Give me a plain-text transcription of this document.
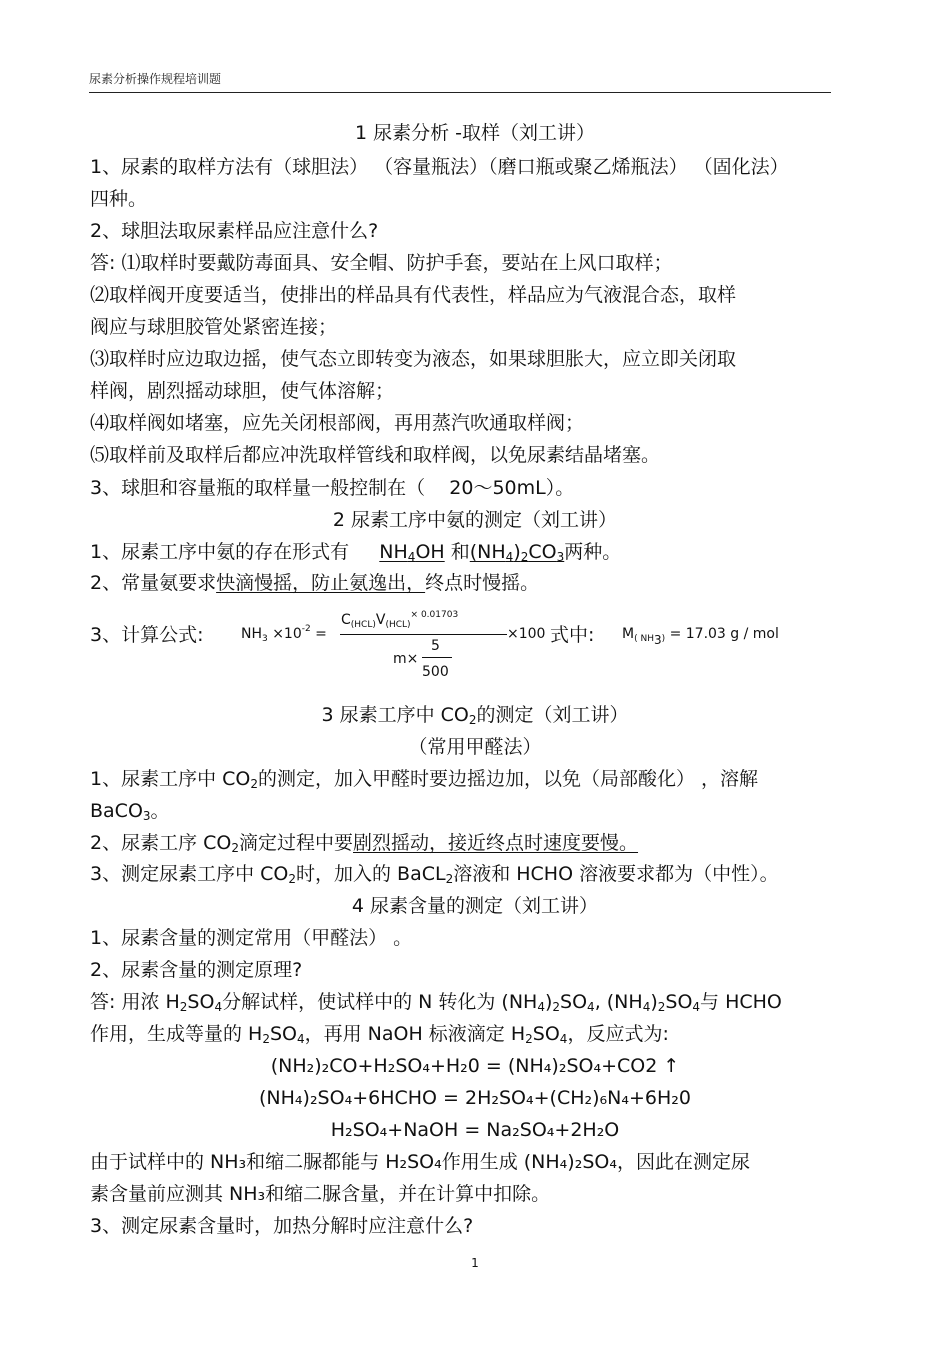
尿素分析操作规程培训题
1 尿素分析 -取样（刘工讲）
1、尿素的取样方法有（球胆法） （容量瓶法）（磨口瓶或聚乙烯瓶法） （固化法）
四种。
2、球胆法取尿素样品应注意什么?
答: ⑴取样时要戴防毒面具、安全帽、防护手套，要站在上风口取样；
⑵取样阀开度要适当，使排出的样品具有代表性，样品应为气液混合态，取样
阀应与球胆胶管处紧密连接；
⑶取样时应边取边摇，使气态立即转变为液态，如果球胆胀大，应立即关闭取
样阀，剧烈摇动球胆，使气体溶解；
⑷取样阀如堵塞，应先关闭根部阀，再用蒸汽吹通取样阀；
⑸取样前及取样后都应冲洗取样管线和取样阀，以免尿素结晶堵塞。
3、球胆和容量瓶的取样量一般控制在（ 20～50mL）。
2 尿素工序中氨的测定（刘工讲）
1、尿素工序中氨的存在形式有 $NH_4OH$ 和$(NH_4)_2CO_3$两种。
2、常量氨要求快滴慢摇，防止氨逸出，终点时慢摇。
3、计算公式:	$NH_3 \times 10^{-2}$ =
$C_{(HCL)}V_{(HCL)}^{\times 0.01703}$
m×
5
500
×100 式中: $M_{( NH_3)} = 17.03$ g / mol
3 尿素工序中 $CO_2$的测定（刘工讲）
（常用甲醛法）
1、尿素工序中 $CO_2$的测定，加入甲醛时要边摇边加，以免（局部酸化） ，溶解
BaCO$_3$。
2、尿素工序 $CO_2$滴定过程中要剧烈摇动，接近终点时速度要慢。
3、测定尿素工序中 $CO_2$时，加入的 BaCL$_2$溶液和 HCHO 溶液要求都为（中性）。
4 尿素含量的测定（刘工讲）
1、尿素含量的测定常用（甲醛法） 。
2、尿素含量的测定原理?
答: 用浓 $H_2SO_4$分解试样，使试样中的 N 转化为 $(NH_4)_2SO_4$, $(NH_4)_2SO_4$与 HCHO
作用，生成等量的 $H_2SO_4$，再用 NaOH 标液滴定 $H_2SO_4$，反应式为:
(NH₂)₂CO+H₂SO₄+H₂0 = (NH₄)₂SO₄+CO2 ↑
(NH₄)₂SO₄+6HCHO = 2H₂SO₄+(CH₂)₆N₄+6H₂0
H₂SO₄+NaOH = Na₂SO₄+2H₂O
由于试样中的 NH₃和缩二脲都能与 H₂SO₄作用生成 (NH₄)₂SO₄，因此在测定尿
素含量前应测其 NH₃和缩二脲含量，并在计算中扣除。
3、测定尿素含量时，加热分解时应注意什么?
1
